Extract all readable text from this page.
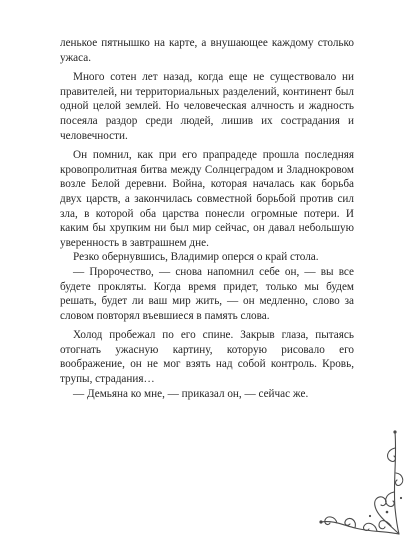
ленькое пятнышко на карте, а внушающее каждому столько ужаса.

Много сотен лет назад, когда еще не существовало ни правителей, ни территориальных разделений, континент был одной целой землей. Но человеческая алчность и жадность посеяла раздор среди людей, лишив их сострадания и человечности.

Он помнил, как при его прапрадеде прошла последняя кровопролитная битва между Солнцеградом и Зладнокровом возле Белой деревни. Война, которая началась как борьба двух царств, а закончилась совместной борьбой против сил зла, в которой оба царства понесли огромные потери. И каким бы хрупким ни был мир сейчас, он давал небольшую уверенность в завтрашнем дне.

Резко обернувшись, Владимир оперся о край стола.

— Пророчество, — снова напомнил себе он, — вы все будете прокляты. Когда время придет, только мы будем решать, будет ли ваш мир жить, — он медленно, слово за словом повторял въевшиеся в память слова.

Холод пробежал по его спине. Закрыв глаза, пытаясь отогнать ужасную картину, которую рисовало его воображение, он не мог взять над собой контроль. Кровь, трупы, страдания…

— Демьяна ко мне, — приказал он, — сейчас же.
